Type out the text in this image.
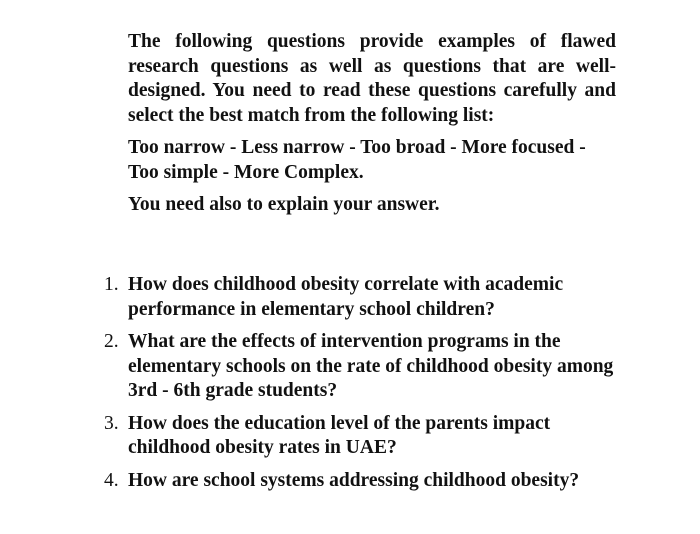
The following questions provide examples of flawed research questions as well as questions that are well-designed. You need to read these questions carefully and select the best match from the following list:

Too narrow - Less narrow - Too broad - More focused - Too simple - More Complex.

You need also to explain your answer.

1. How does childhood obesity correlate with academic performance in elementary school children?
2. What are the effects of intervention programs in the elementary schools on the rate of childhood obesity among 3rd - 6th grade students?
3. How does the education level of the parents impact childhood obesity rates in UAE?
4. How are school systems addressing childhood obesity?
